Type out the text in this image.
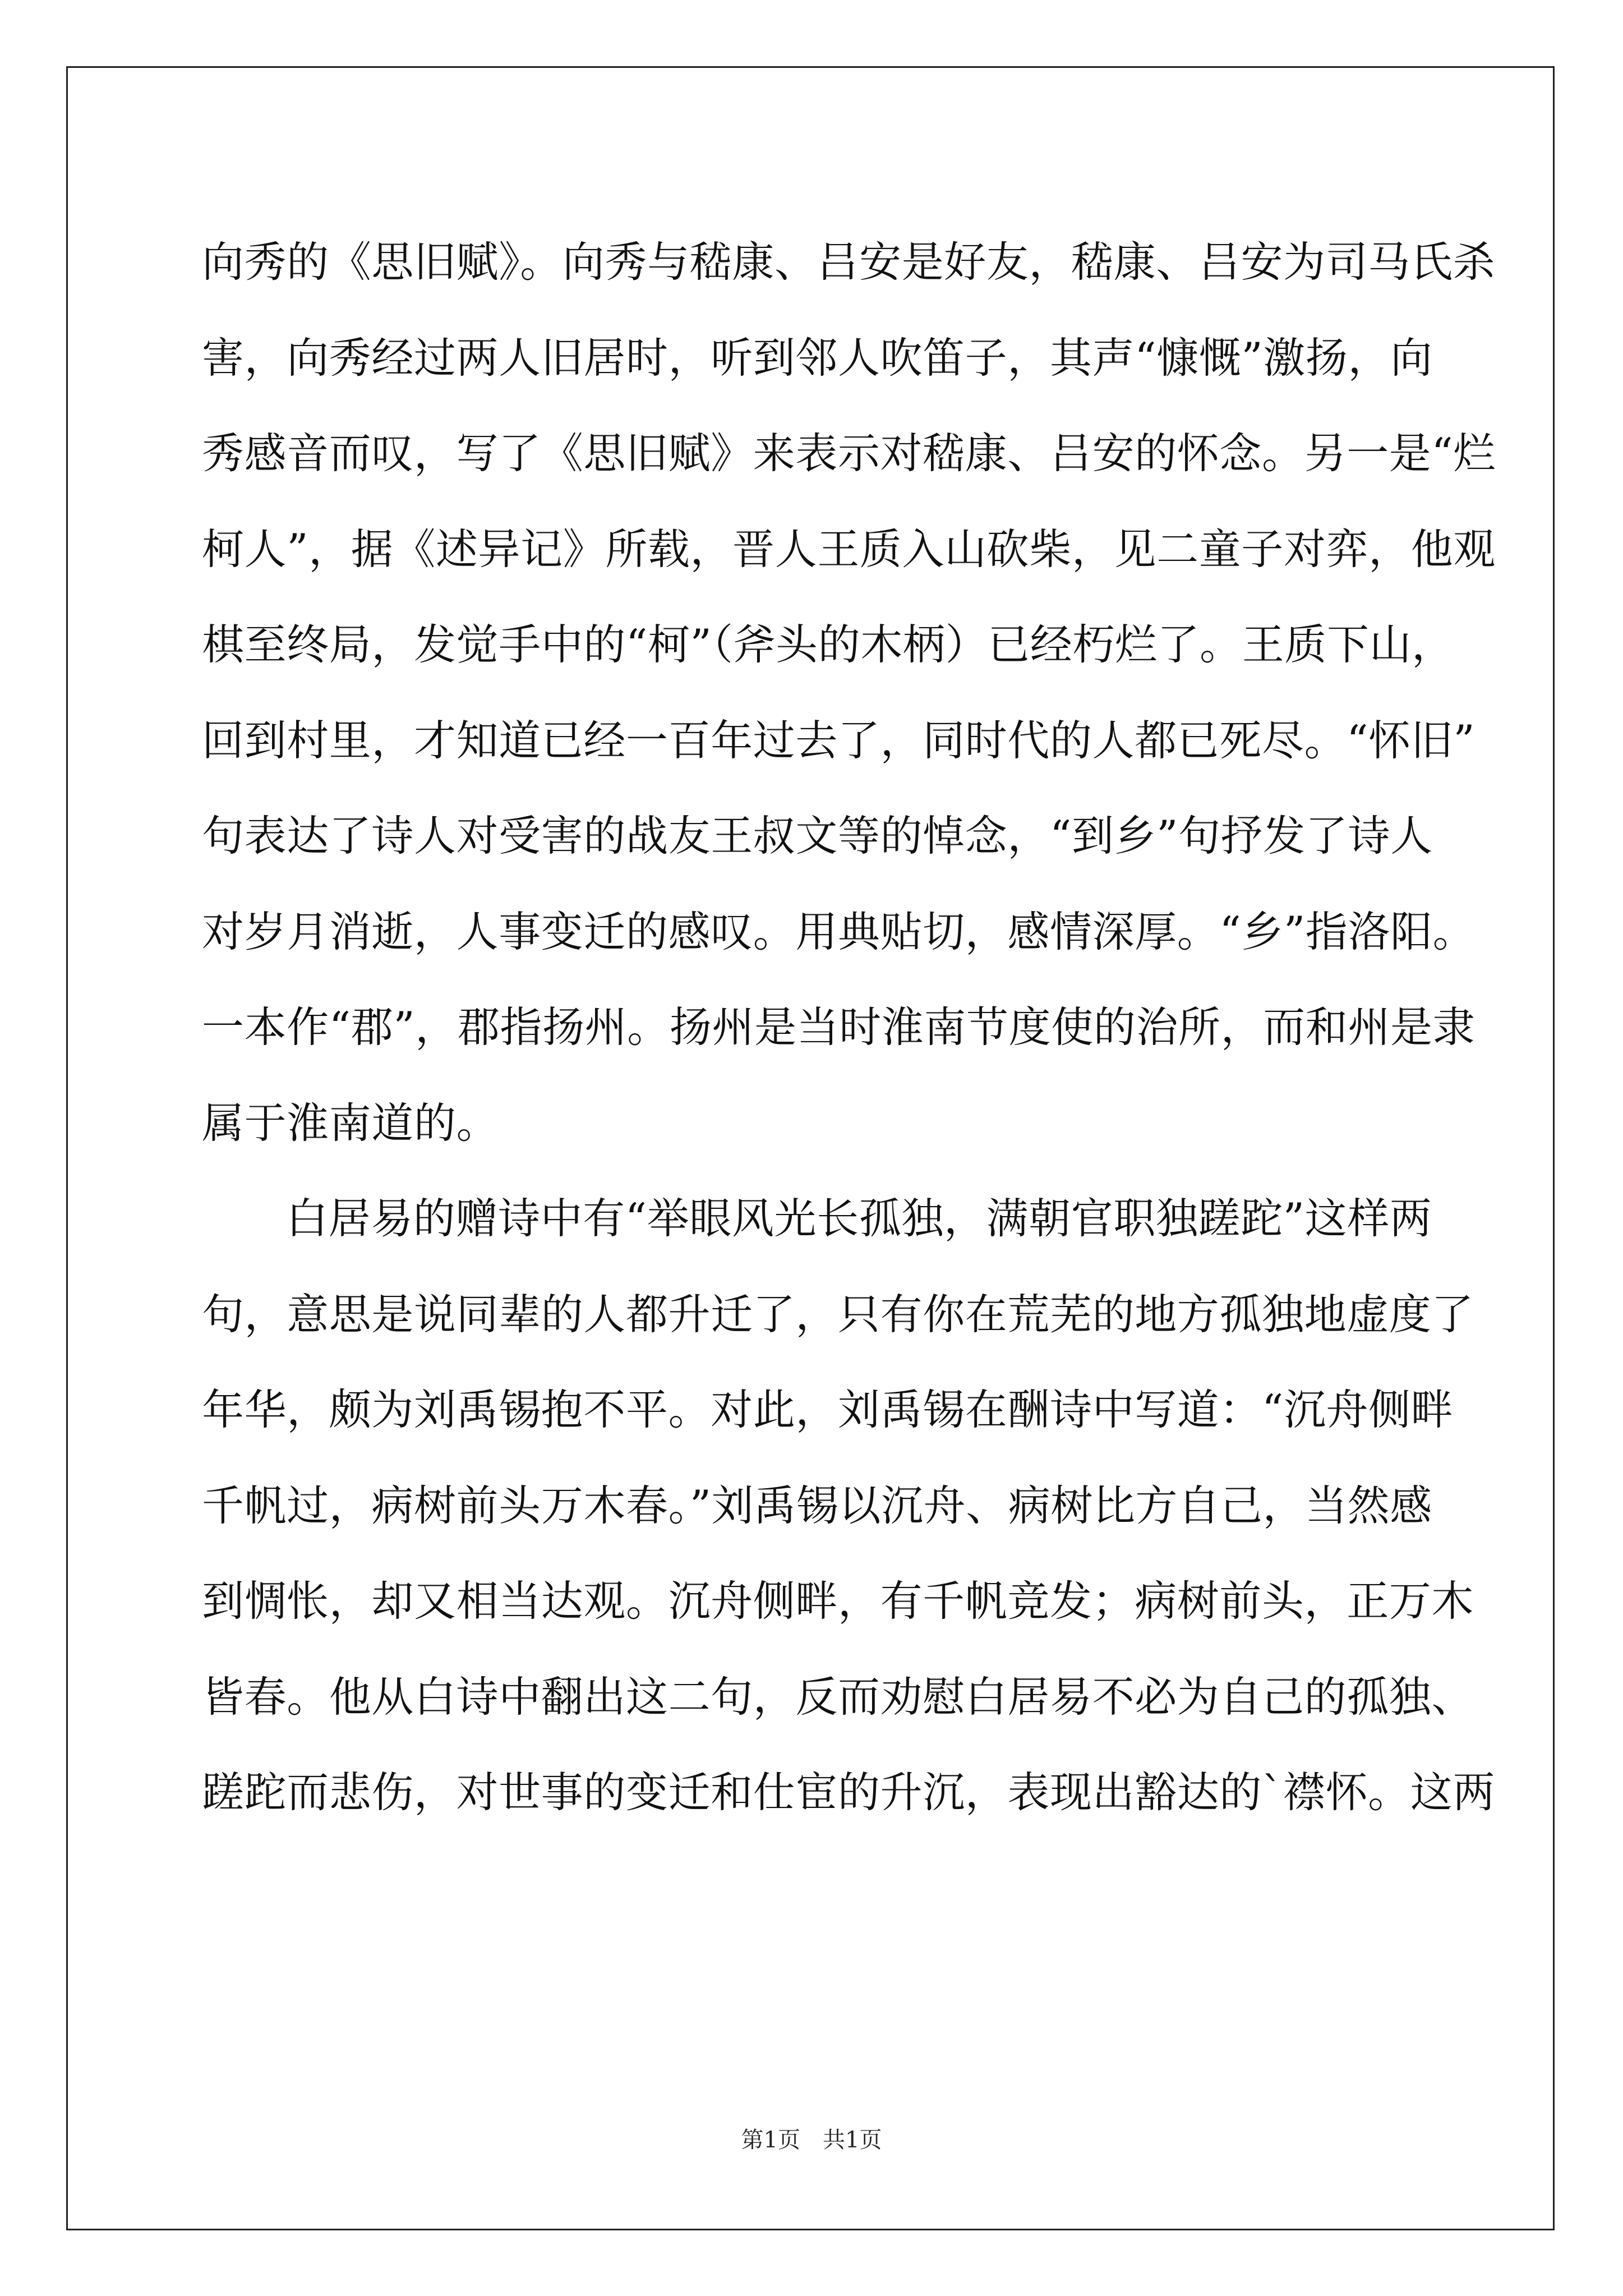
向秀的《思旧赋》。向秀与嵇康、吕安是好友，嵇康、吕安为司马氏杀
害，向秀经过两人旧居时，听到邻人吹笛子，其声“慷慨”激扬，向
秀感音而叹，写了《思旧赋》来表示对嵇康、吕安的怀念。另一是“烂
柯人”，据《述异记》所载，晋人王质入山砍柴，见二童子对弈，他观
棋至终局，发觉手中的“柯”（斧头的木柄）已经朽烂了。王质下山，
回到村里，才知道已经一百年过去了，同时代的人都已死尽。“怀旧”
句表达了诗人对受害的战友王叔文等的悼念，“到乡”句抒发了诗人
对岁月消逝，人事变迁的感叹。用典贴切，感情深厚。“乡”指洛阳。
一本作“郡”，郡指扬州。扬州是当时淮南节度使的治所，而和州是隶
属于淮南道的。
白居易的赠诗中有“举眼风光长孤独，满朝官职独蹉跎”这样两
句，意思是说同辈的人都升迁了，只有你在荒芜的地方孤独地虚度了
年华，颇为刘禹锡抱不平。对此，刘禹锡在酬诗中写道：“沉舟侧畔
千帆过，病树前头万木春。”刘禹锡以沉舟、病树比方自己，当然感
到惆怅，却又相当达观。沉舟侧畔，有千帆竞发；病树前头，正万木
皆春。他从白诗中翻出这二句，反而劝慰白居易不必为自己的孤独、
蹉跎而悲伤，对世事的变迁和仕宦的升沉，表现出豁达的`襟怀。这两
第1页　共1页
